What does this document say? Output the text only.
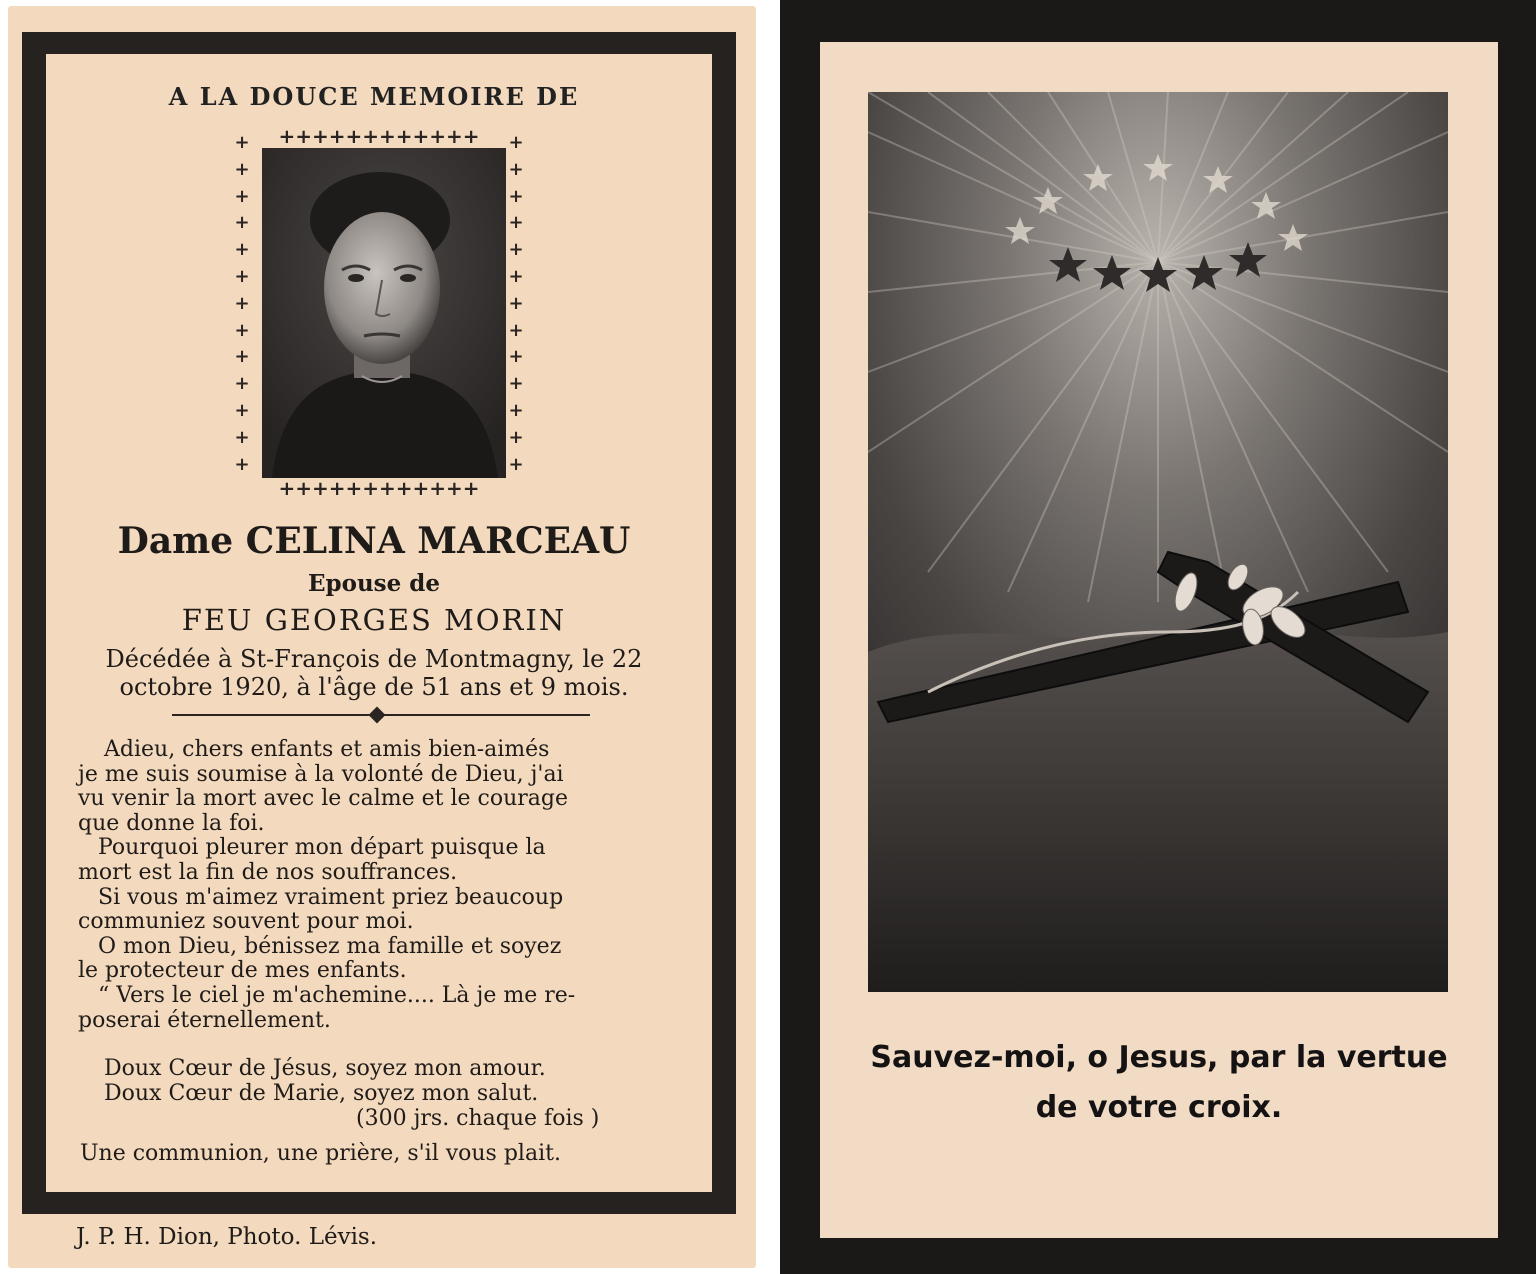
A LA DOUCE MEMOIRE DE
++++++++++++
++++++++++++
+++++++++++++
+++++++++++++
Dame CELINA MARCEAU
Epouse de
FEU GEORGES MORIN
Décédée à St-François de Montmagny, le 22
octobre 1920, à l'âge de 51 ans et 9 mois.
Adieu, chers enfants et amis bien-aimés
je me suis soumise à la volonté de Dieu, j'ai
vu venir la mort avec le calme et le courage
que donne la foi.
Pourquoi pleurer mon départ puisque la
mort est la fin de nos souffrances.
Si vous m'aimez vraiment priez beaucoup
communiez souvent pour moi.
O mon Dieu, bénissez ma famille et soyez
le protecteur de mes enfants.
“ Vers le ciel je m'achemine.... Là je me re-
poserai éternellement.
Doux Cœur de Jésus, soyez mon amour.
Doux Cœur de Marie, soyez mon salut.
(300 jrs. chaque fois )
Une communion, une prière, s'il vous plait.
J. P. H. Dion, Photo. Lévis.
Sauvez-moi, o Jesus, par la vertue
de votre croix.
